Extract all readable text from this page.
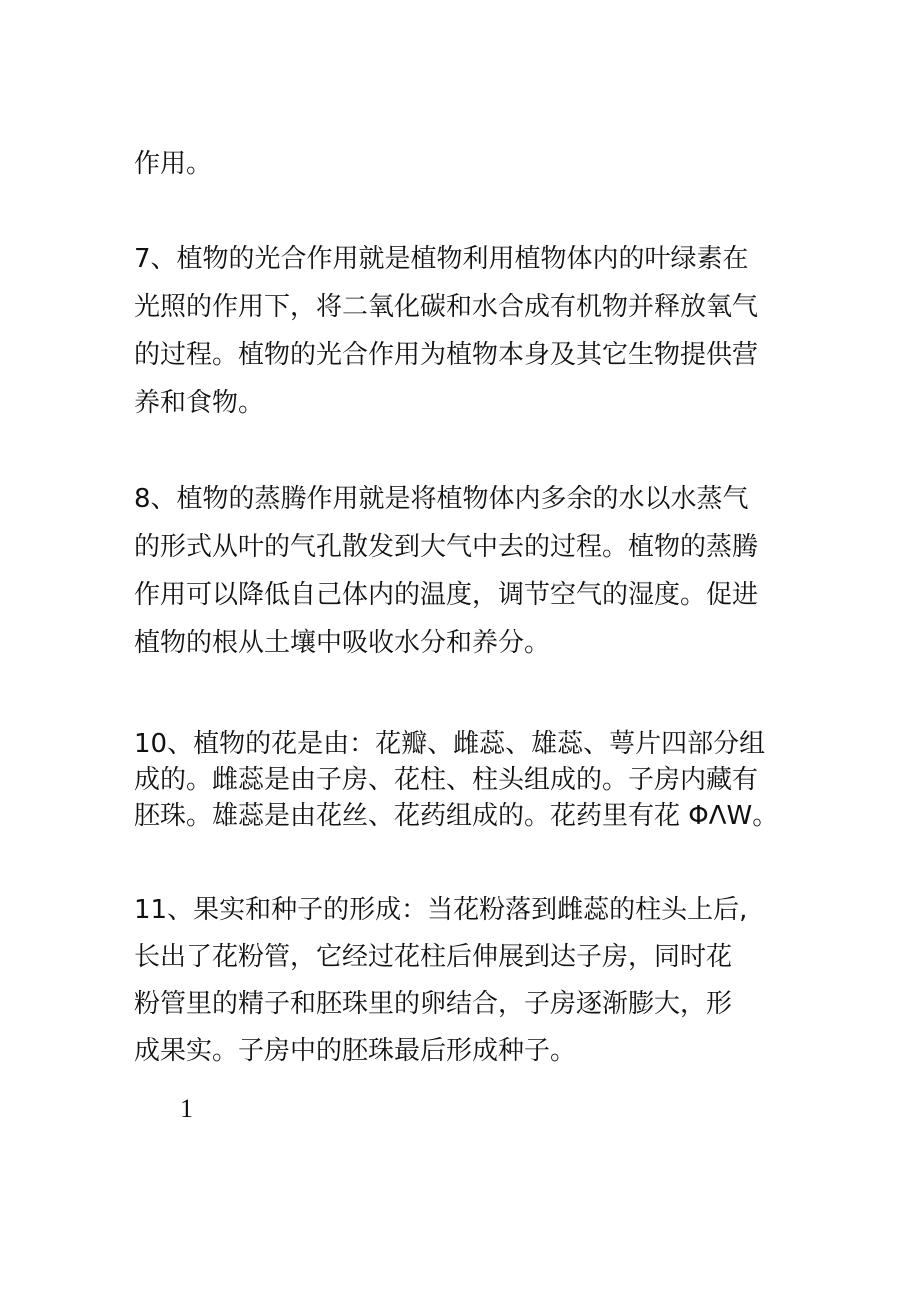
作用。
7、植物的光合作用就是植物利用植物体内的叶绿素在
光照的作用下，将二氧化碳和水合成有机物并释放氧气
的过程。植物的光合作用为植物本身及其它生物提供营
养和食物。
8、植物的蒸腾作用就是将植物体内多余的水以水蒸气
的形式从叶的气孔散发到大气中去的过程。植物的蒸腾
作用可以降低自己体内的温度，调节空气的湿度。促进
植物的根从土壤中吸收水分和养分。
10、植物的花是由：花瓣、雌蕊、雄蕊、萼片四部分组
成的。雌蕊是由子房、花柱、柱头组成的。子房内藏有
胚珠。雄蕊是由花丝、花药组成的。花药里有花 ΦΛW。
11、果实和种子的形成：当花粉落到雌蕊的柱头上后,
长出了花粉管，它经过花柱后伸展到达子房，同时花
粉管里的精子和胚珠里的卵结合，子房逐渐膨大，形
成果实。子房中的胚珠最后形成种子。
1
